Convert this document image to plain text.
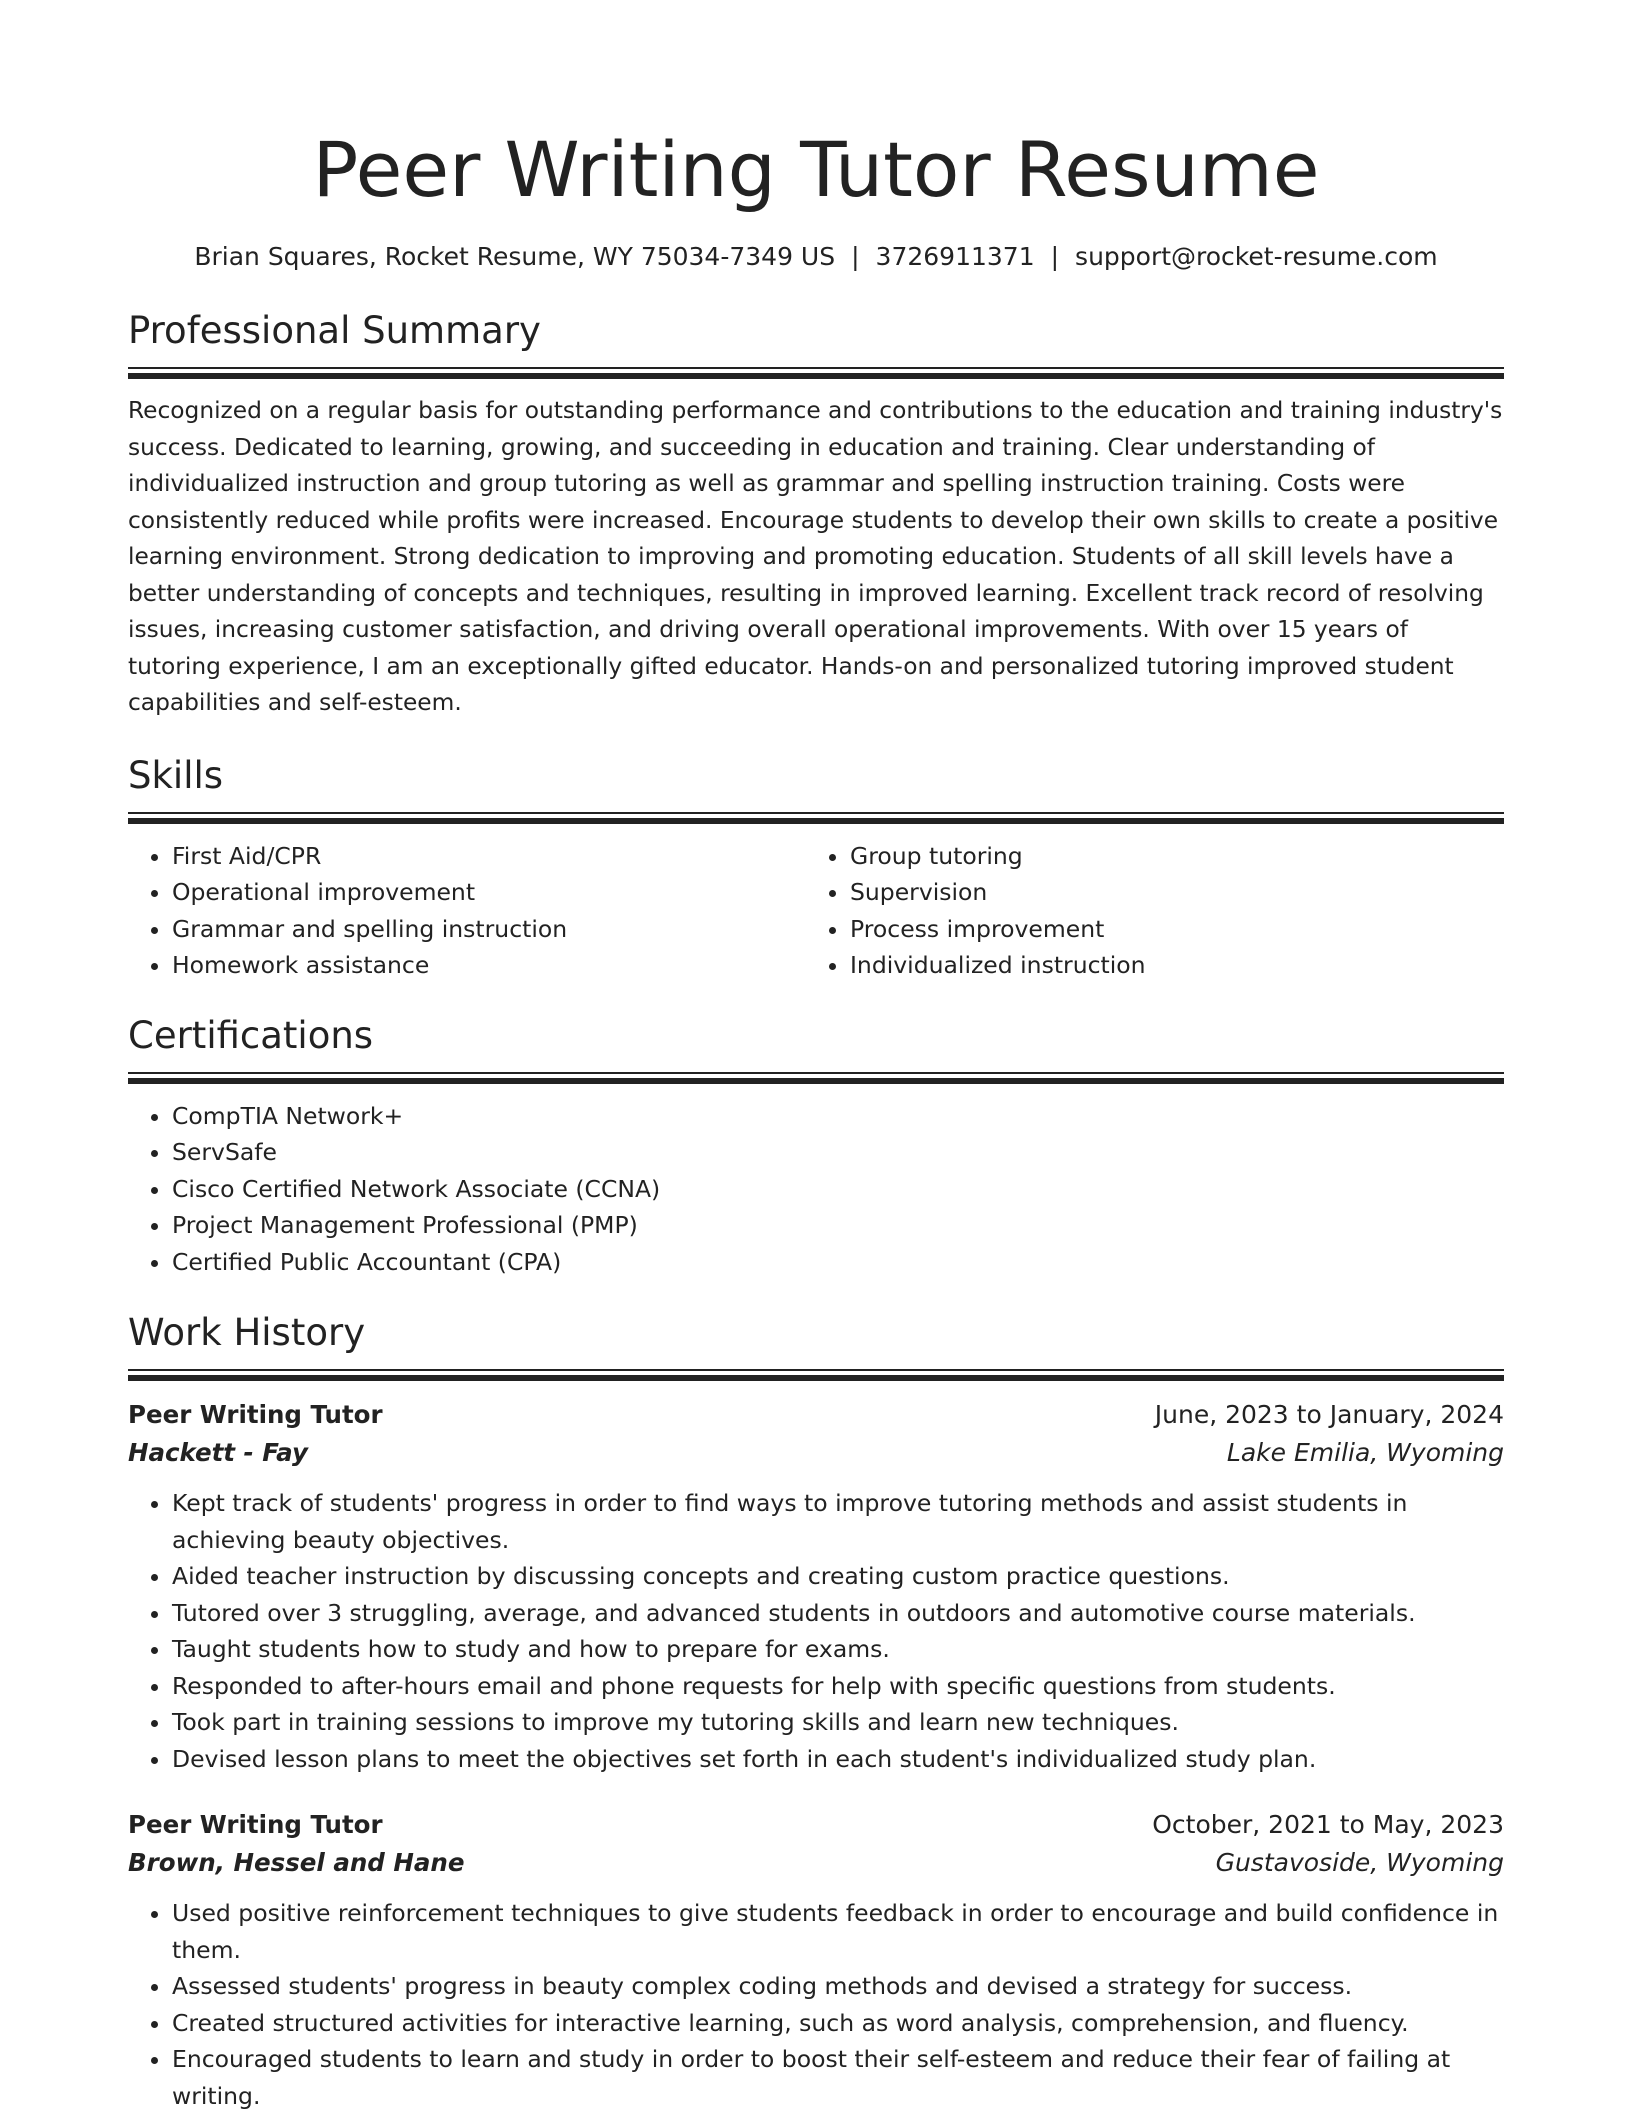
Peer Writing Tutor Resume
Brian Squares, Rocket Resume, WY 75034-7349 US | 3726911371 | support@rocket-resume.com
Professional Summary

Recognized on a regular basis for outstanding performance and contributions to the education and training industry's success. Dedicated to learning, growing, and succeeding in education and training. Clear understanding of individualized instruction and group tutoring as well as grammar and spelling instruction training. Costs were consistently reduced while profits were increased. Encourage students to develop their own skills to create a positive learning environment. Strong dedication to improving and promoting education. Students of all skill levels have a better understanding of concepts and techniques, resulting in improved learning. Excellent track record of resolving issues, increasing customer satisfaction, and driving overall operational improvements. With over 15 years of tutoring experience, I am an exceptionally gifted educator. Hands-on and personalized tutoring improved student capabilities and self-esteem.

Skills
• First Aid/CPR
• Operational improvement
• Grammar and spelling instruction
• Homework assistance
• Group tutoring
• Supervision
• Process improvement
• Individualized instruction
Certifications
• CompTIA Network+
• ServSafe
• Cisco Certified Network Associate (CCNA)
• Project Management Professional (PMP)
• Certified Public Accountant (CPA)
Work History
Peer Writing Tutor	June, 2023 to January, 2024
Hackett - Fay	Lake Emilia, Wyoming
• Kept track of students' progress in order to find ways to improve tutoring methods and assist students in achieving beauty objectives.
• Aided teacher instruction by discussing concepts and creating custom practice questions.
• Tutored over 3 struggling, average, and advanced students in outdoors and automotive course materials.
• Taught students how to study and how to prepare for exams.
• Responded to after-hours email and phone requests for help with specific questions from students.
• Took part in training sessions to improve my tutoring skills and learn new techniques.
• Devised lesson plans to meet the objectives set forth in each student's individualized study plan.
Peer Writing Tutor	October, 2021 to May, 2023
Brown, Hessel and Hane	Gustavoside, Wyoming
• Used positive reinforcement techniques to give students feedback in order to encourage and build confidence in them.
• Assessed students' progress in beauty complex coding methods and devised a strategy for success.
• Created structured activities for interactive learning, such as word analysis, comprehension, and fluency.
• Encouraged students to learn and study in order to boost their self-esteem and reduce their fear of failing at writing.
